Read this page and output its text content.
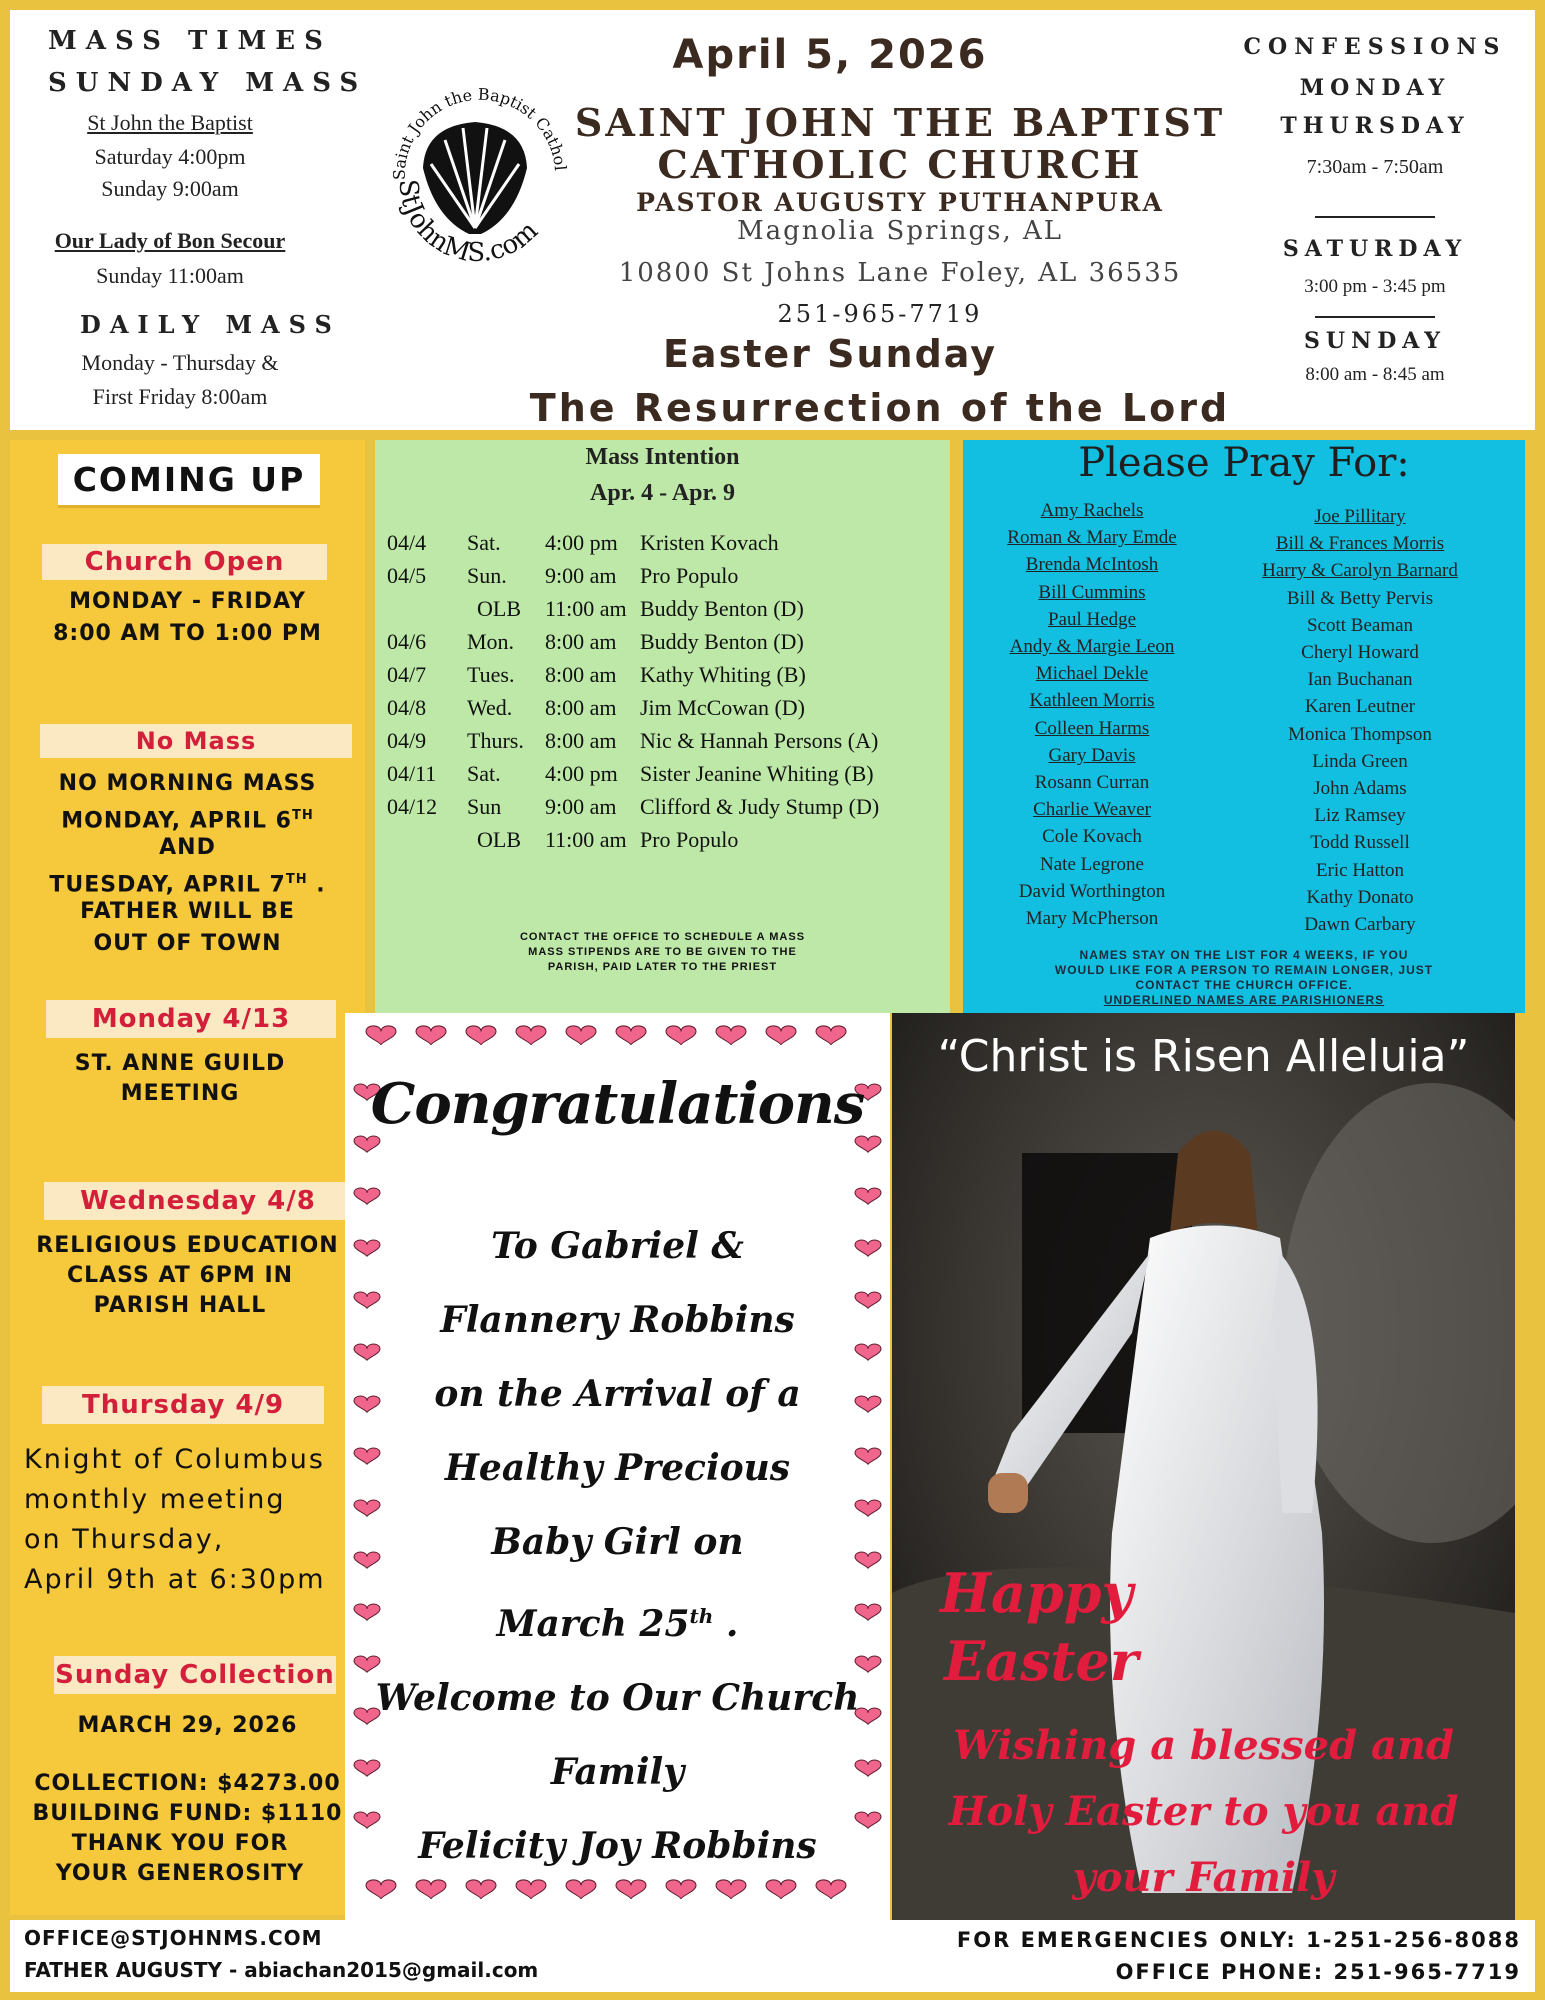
MASS TIMES
SUNDAY MASS
St John the Baptist
Saturday 4:00pm
Sunday 9:00am
Our Lady of Bon Secour
Sunday 11:00am
DAILY MASS
Monday - Thursday &
First Friday 8:00am
Saint John the Baptist Cathol
StJohnMS.com
April 5, 2026
SAINT JOHN THE BAPTIST
CATHOLIC CHURCH
PASTOR AUGUSTY PUTHANPURA
Magnolia Springs, AL
10800 St Johns Lane Foley, AL 36535
251-965-7719
Easter Sunday
The Resurrection of the Lord
CONFESSIONS
MONDAY
THURSDAY
7:30am - 7:50am
SATURDAY
3:00 pm - 3:45 pm
SUNDAY
8:00 am - 8:45 am
COMING UP
Church Open
MONDAY - FRIDAY
8:00 AM TO 1:00 PM
No Mass
NO MORNING MASS
MONDAY, APRIL 6TH
AND
TUESDAY, APRIL 7TH .
FATHER WILL BE
OUT OF TOWN
Monday 4/13
ST. ANNE GUILD
MEETING
Wednesday 4/8
RELIGIOUS EDUCATION
CLASS AT 6PM IN
PARISH HALL
Thursday 4/9
Knight of Columbus
monthly meeting
on Thursday,
April 9th at 6:30pm
Sunday Collection
MARCH 29, 2026
COLLECTION: $4273.00
BUILDING FUND: $1110
THANK YOU FOR
YOUR GENEROSITY
Mass Intention
Apr. 4 - Apr. 9
04/4 Sat. 4:00 pm Kristen Kovach
04/5 Sun. 9:00 am Pro Populo
OLB 11:00 am Buddy Benton (D)
04/6 Mon. 8:00 am Buddy Benton (D)
04/7 Tues. 8:00 am Kathy Whiting (B)
04/8 Wed. 8:00 am Jim McCowan (D)
04/9 Thurs. 8:00 am Nic & Hannah Persons (A)
04/11 Sat. 4:00 pm Sister Jeanine Whiting (B)
04/12 Sun 9:00 am Clifford & Judy Stump (D)
OLB 11:00 am Pro Populo
CONTACT THE OFFICE TO SCHEDULE A MASS
MASS STIPENDS ARE TO BE GIVEN TO THE
PARISH, PAID LATER TO THE PRIEST
Please Pray For:
Amy Rachels
Roman & Mary Emde
Brenda McIntosh
Bill Cummins
Paul Hedge
Andy & Margie Leon
Michael Dekle
Kathleen Morris
Colleen Harms
Gary Davis
Rosann Curran
Charlie Weaver
Cole Kovach
Nate Legrone
David Worthington
Mary McPherson
Joe Pillitary
Bill & Frances Morris
Harry & Carolyn Barnard
Bill & Betty Pervis
Scott Beaman
Cheryl Howard
Ian Buchanan
Karen Leutner
Monica Thompson
Linda Green
John Adams
Liz Ramsey
Todd Russell
Eric Hatton
Kathy Donato
Dawn Carbary
NAMES STAY ON THE LIST FOR 4 WEEKS, IF YOU
WOULD LIKE FOR A PERSON TO REMAIN LONGER, JUST
CONTACT THE CHURCH OFFICE.
UNDERLINED NAMES ARE PARISHIONERS
Congratulations
To Gabriel &
Flannery Robbins
on the Arrival of a
Healthy Precious
Baby Girl on
March 25th .
Welcome to Our Church
Family
Felicity Joy Robbins
“Christ is Risen Alleluia”
Happy
Easter
Wishing a blessed and
Holy Easter to you and
your Family
OFFICE@STJOHNMS.COM
FATHER AUGUSTY - abiachan2015@gmail.com
FOR EMERGENCIES ONLY: 1-251-256-8088
OFFICE PHONE: 251-965-7719
